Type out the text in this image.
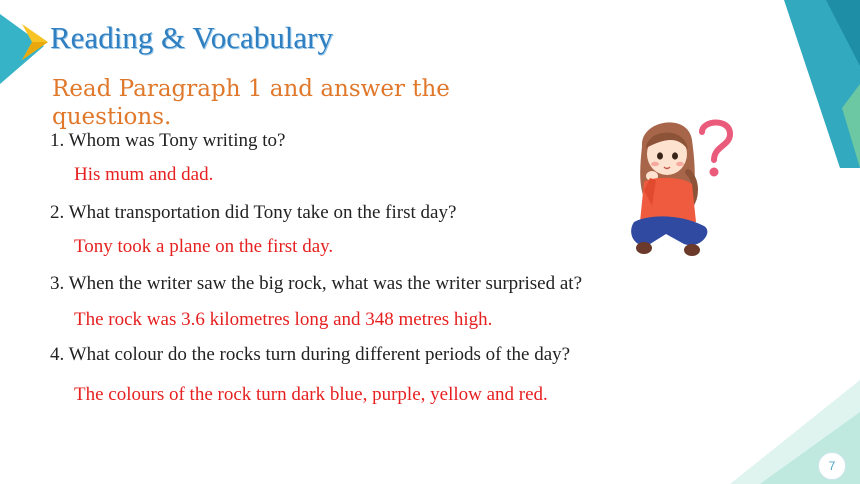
Reading & Vocabulary
Read Paragraph 1 and answer the questions.
1. Whom was Tony writing to?
His mum and dad.
2. What transportation did Tony take on the first day?
Tony took a plane on the first day.
3. When the writer saw the big rock, what was the writer surprised at?
The rock was 3.6 kilometres long and 348 metres high.
4. What colour do the rocks turn during different periods of the day?
The colours of the rock turn dark blue, purple, yellow and red.
7
